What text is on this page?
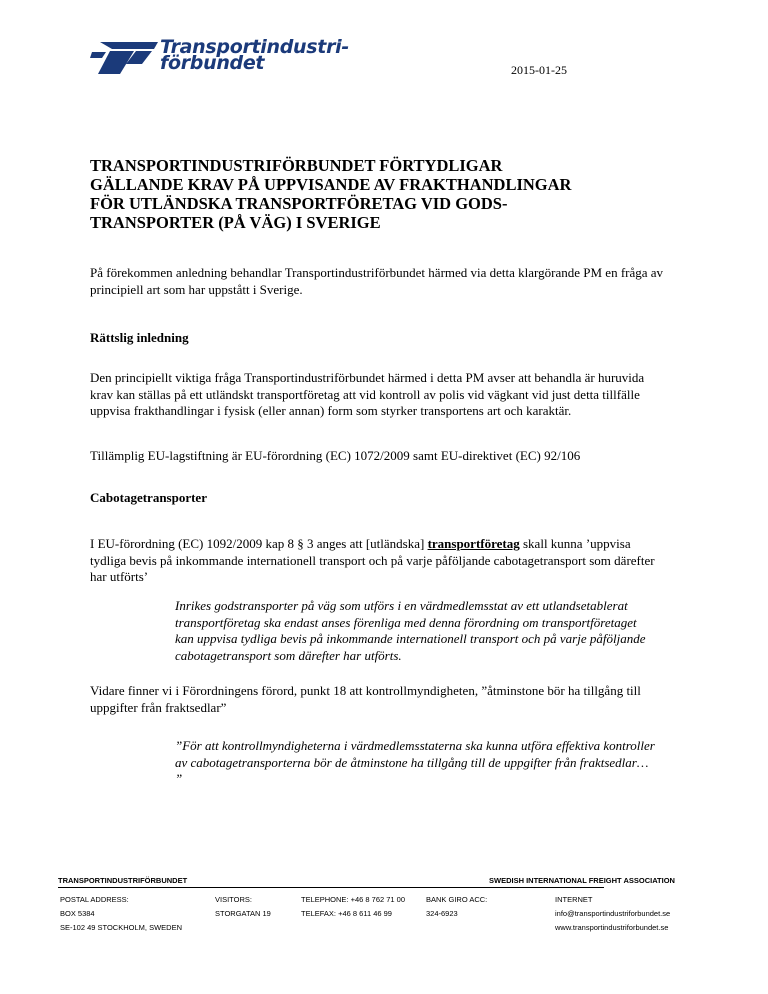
Transportindustri-
förbundet	2015-01-25
TRANSPORTINDUSTRIFÖRBUNDET FÖRTYDLIGAR
GÄLLANDE KRAV PÅ UPPVISANDE AV FRAKTHANDLINGAR
FÖR UTLÄNDSKA TRANSPORTFÖRETAG VID GODS-
TRANSPORTER (PÅ VÄG) I SVERIGE

På förekommen anledning behandlar Transportindustriförbundet härmed via detta klargörande PM en fråga av principiell art som har uppstått i Sverige.

Rättslig inledning

Den principiellt viktiga fråga Transportindustriförbundet härmed i detta PM avser att behandla är huruvida krav kan ställas på ett utländskt transportföretag att vid kontroll av polis vid vägkant vid just detta tillfälle uppvisa frakthandlingar i fysisk (eller annan) form som styrker transportens art och karaktär.

Tillämplig EU-lagstiftning är EU-förordning (EC) 1072/2009 samt EU-direktivet (EC) 92/106

Cabotagetransporter

I EU-förordning (EC) 1092/2009 kap 8 § 3 anges att [utländska] transportföretag skall kunna ’uppvisa tydliga bevis på inkommande internationell transport och på varje påföljande cabotagetransport som därefter har utförts’

Inrikes godstransporter på väg som utförs i en värdmedlemsstat av ett utlandsetablerat transportföretag ska endast anses förenliga med denna förordning om transportföretaget kan uppvisa tydliga bevis på inkommande internationell transport och på varje påföljande cabotagetransport som därefter har utförts.

Vidare finner vi i Förordningens förord, punkt 18 att kontrollmyndigheten, ”åtminstone bör ha tillgång till uppgifter från fraktsedlar”

”För att kontrollmyndigheterna i värdmedlemsstaterna ska kunna utföra effektiva kontroller av cabotagetransporterna bör de åtminstone ha tillgång till de uppgifter från fraktsedlar… ”

TRANSPORTINDUSTRIFÖRBUNDET	SWEDISH INTERNATIONAL FREIGHT ASSOCIATION
POSTAL ADDRESS:
BOX 5384
SE-102 49 STOCKHOLM, SWEDEN
VISITORS:
STORGATAN 19
TELEPHONE: +46 8 762 71 00
TELEFAX: +46 8 611 46 99
BANK GIRO ACC:
324-6923
INTERNET
info@transportindustriforbundet.se
www.transportindustriforbundet.se
